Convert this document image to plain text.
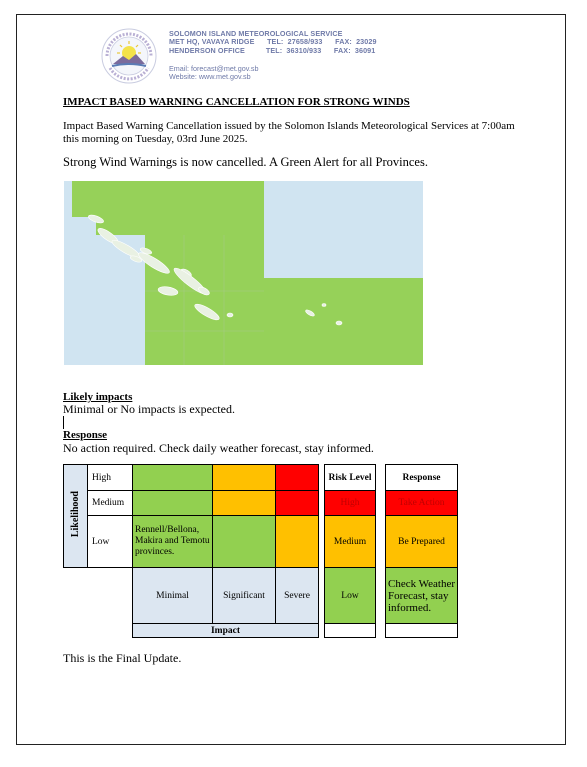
SOLOMON ISLAND METEOROLOGICAL SERVICE
MET HQ, VAVAYA RIDGE TEL:  27658/933 FAX:  23029
HENDERSON OFFICE	TEL:  36310/933 FAX:  36091
Email: forecast@met.gov.sb
Website: www.met.gov.sb
IMPACT BASED WARNING CANCELLATION FOR STRONG WINDS
Impact Based Warning Cancellation issued by the Solomon Islands Meteorological Services at 7:00am this morning on Tuesday, 03rd June 2025.
Strong Wind Warnings is now cancelled. A Green Alert for all Provinces.
Likely impacts
Minimal or No impacts is expected.
Response
No action required. Check daily weather forecast, stay informed.
Likelihood	High					Risk Level		Response
	Medium					High		Take Action
	Low	Rennell/Bellona, Makira and Temotu provinces.				Medium		Be Prepared
		Minimal	Significant	Severe		Low		Check Weather Forecast, stay informed.
		Impact						
This is the Final Update.
